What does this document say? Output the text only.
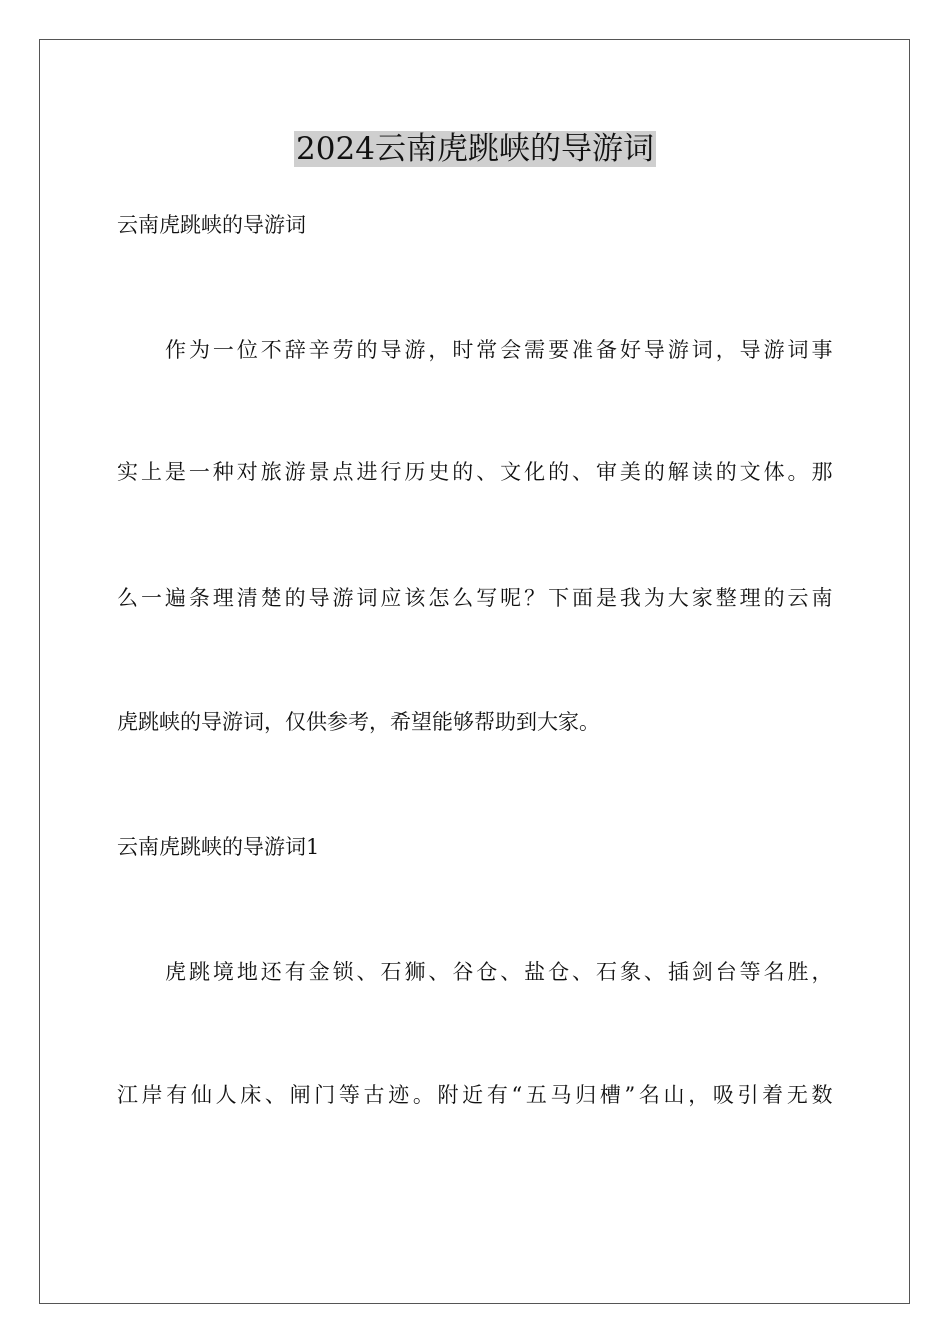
2024云南虎跳峡的导游词

云南虎跳峡的导游词

作为一位不辞辛劳的导游，时常会需要准备好导游词，导游词事

实上是一种对旅游景点进行历史的、文化的、审美的解读的文体。那

么一遍条理清楚的导游词应该怎么写呢？下面是我为大家整理的云南

虎跳峡的导游词，仅供参考，希望能够帮助到大家。

云南虎跳峡的导游词1

虎跳境地还有金锁、石狮、谷仓、盐仓、石象、插剑台等名胜，

江岸有仙人床、闸门等古迹。附近有“五马归槽”名山，吸引着无数
